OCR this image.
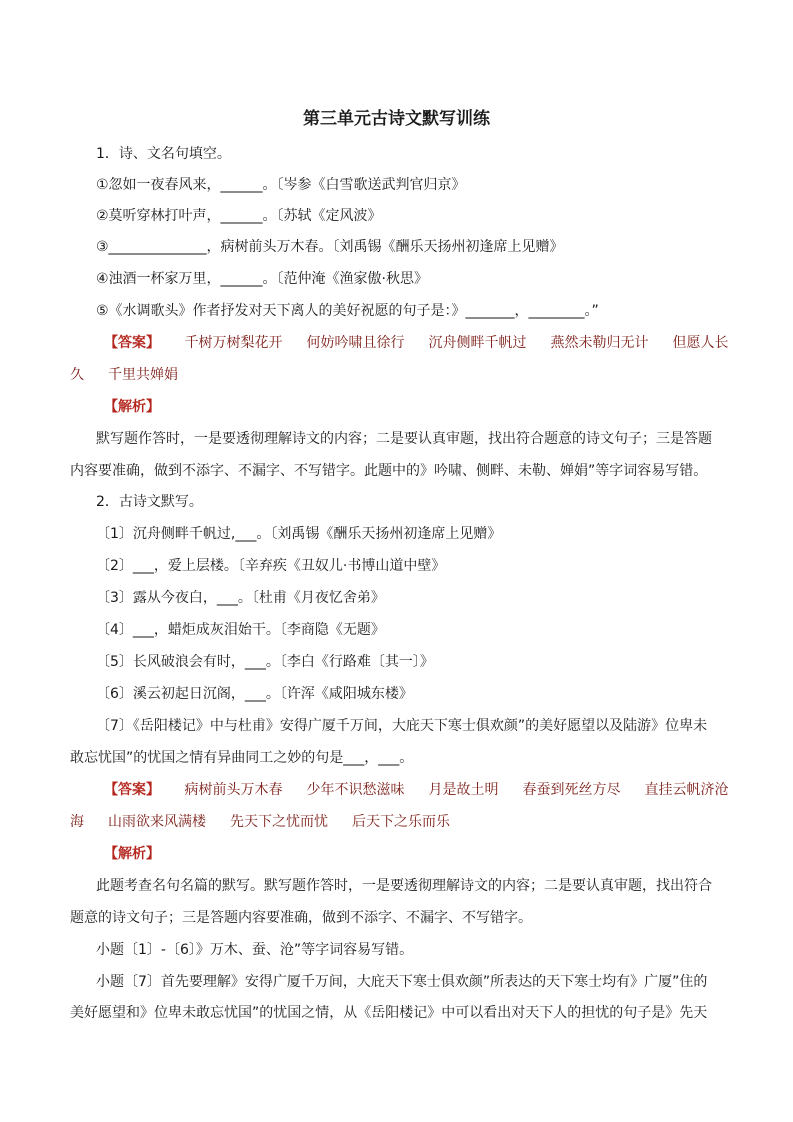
第三单元古诗文默写训练
1．诗、文名句填空。
①忽如一夜春风来，______。〔岑参《白雪歌送武判官归京》
②莫听穿林打叶声，______。〔苏轼《定风波》
③______________，病树前头万木春。〔刘禹锡《酬乐天扬州初逢席上见赠》
④浊酒一杯家万里，______。〔范仲淹《渔家傲·秋思》
⑤《水调歌头》作者抒发对天下离人的美好祝愿的句子是：》_______，________。”
【答案】 千树万树梨花开 何妨吟啸且徐行 沉舟侧畔千帆过 燕然未勒归无计 但愿人长
久 千里共婵娟
【解析】
默写题作答时，一是要透彻理解诗文的内容；二是要认真审题，找出符合题意的诗文句子；三是答题
内容要准确，做到不添字、不漏字、不写错字。此题中的》吟啸、侧畔、未勒、婵娟”等字词容易写错。
2．古诗文默写。
〔1〕沉舟侧畔千帆过,___。〔刘禹锡《酬乐天扬州初逢席上见赠》
〔2〕___，爱上层楼。〔辛弃疾《丑奴儿·书博山道中壁》
〔3〕露从今夜白，___。〔杜甫《月夜忆舍弟》
〔4〕___，蜡炬成灰泪始干。〔李商隐《无题》
〔5〕长风破浪会有时，___。〔李白《行路难〔其一〕》
〔6〕溪云初起日沉阁，___。〔许浑《咸阳城东楼》
〔7〕《岳阳楼记》中与杜甫》安得广厦千万间，大庇天下寒士俱欢颜”的美好愿望以及陆游》位卑未
敢忘忧国”的忧国之情有异曲同工之妙的句是___，___。
【答案】 病树前头万木春 少年不识愁滋味 月是故土明 春蚕到死丝方尽 直挂云帆济沧
海 山雨欲来风满楼 先天下之忧而忧 后天下之乐而乐
【解析】
此题考查名句名篇的默写。默写题作答时，一是要透彻理解诗文的内容；二是要认真审题，找出符合
题意的诗文句子；三是答题内容要准确，做到不添字、不漏字、不写错字。
小题〔1〕-〔6〕》万木、蚕、沧”等字词容易写错。
小题〔7〕首先要理解》安得广厦千万间，大庇天下寒士俱欢颜”所表达的天下寒士均有》广厦”住的
美好愿望和》位卑未敢忘忧国”的忧国之情，从《岳阳楼记》中可以看出对天下人的担忧的句子是》先天
